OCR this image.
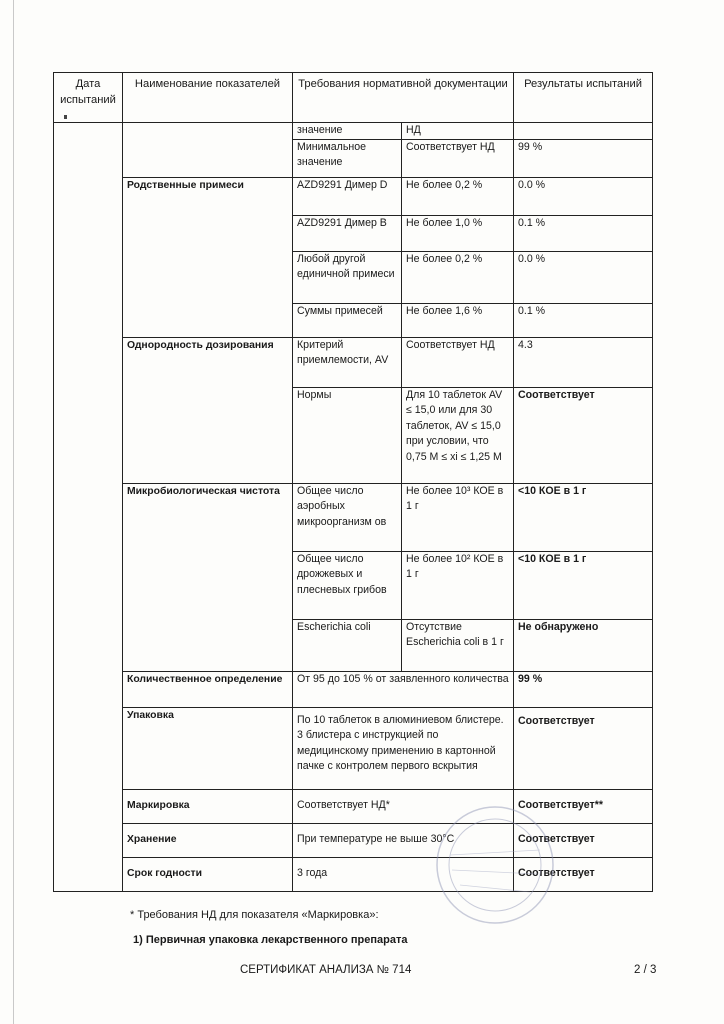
Дата испытаний	Наименование показателей	Требования нормативной документации		Результаты испытаний
		значение	НД	
		Минимальное значение	Соответствует НД	99 %
	Родственные примеси	AZD9291 Димер D	Не более 0,2 %	0.0 %
		AZD9291 Димер B	Не более 1,0 %	0.1 %
		Любой другой единичной примеси	Не более 0,2 %	0.0 %
		Суммы примесей	Не более 1,6 %	0.1 %
	Однородность дозирования	Критерий приемлемости, AV	Соответствует НД	4.3
		Нормы	Для 10 таблеток AV ≤ 15,0 или для 30 таблеток, AV ≤ 15,0 при условии, что 0,75 M ≤ xi ≤ 1,25 M	Соответствует
	Микробиологическая чистота	Общее число аэробных микроорганизм ов	Не более 10³ КОЕ в 1 г	<10 КОЕ в 1 г
		Общее число дрожжевых и плесневых грибов	Не более 10² КОЕ в 1 г	<10 КОЕ в 1 г
		Escherichia coli	Отсутствие Escherichia coli в 1 г	Не обнаружено
	Количественное определение	От 95 до 105 % от заявленного количества		99 %
	Упаковка	По 10 таблеток в алюминиевом блистере. 3 блистера с инструкцией по медицинскому применению в картонной пачке с контролем первого вскрытия		Соответствует
	Маркировка	Соответствует НД*		Соответствует**
	Хранение	При температуре не выше 30°С		Соответствует
	Срок годности	3 года		Соответствует
* Требования НД для показателя «Маркировка»:
1) Первичная упаковка лекарственного препарата
СЕРТИФИКАТ АНАЛИЗА № 714	2 / 3
